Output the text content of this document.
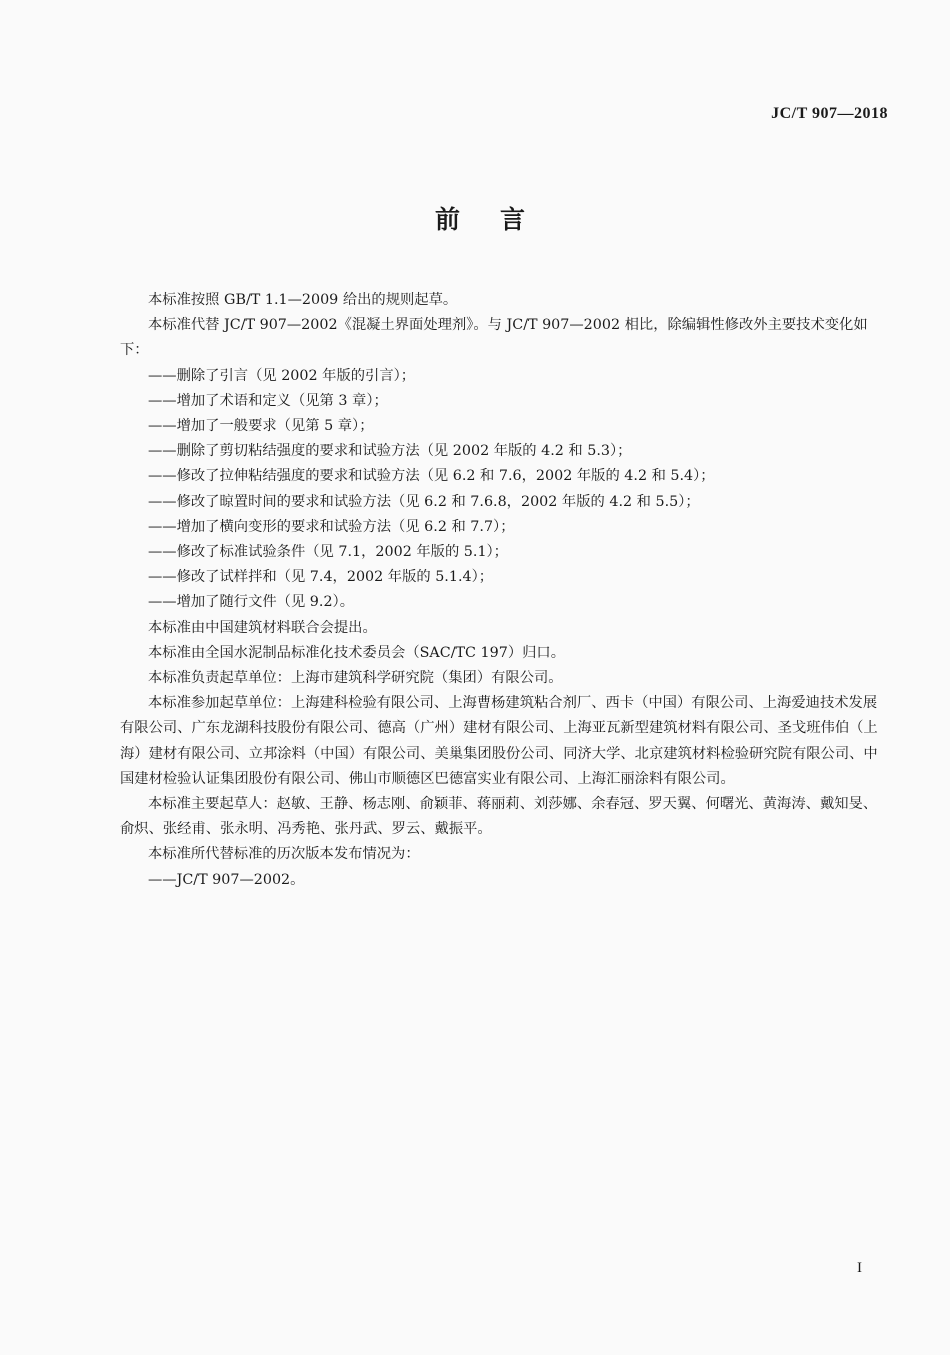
JC/T 907—2018
前言

本标准按照 GB/T 1.1—2009 给出的规则起草。

本标准代替 JC/T 907—2002《混凝土界面处理剂》。与 JC/T 907—2002 相比，除编辑性修改外主要技术变化如下：

——删除了引言（见 2002 年版的引言）；

——增加了术语和定义（见第 3 章）；

——增加了一般要求（见第 5 章）；

——删除了剪切粘结强度的要求和试验方法（见 2002 年版的 4.2 和 5.3）；

——修改了拉伸粘结强度的要求和试验方法（见 6.2 和 7.6，2002 年版的 4.2 和 5.4）；

——修改了晾置时间的要求和试验方法（见 6.2 和 7.6.8，2002 年版的 4.2 和 5.5）；

——增加了横向变形的要求和试验方法（见 6.2 和 7.7）；

——修改了标准试验条件（见 7.1，2002 年版的 5.1）；

——修改了试样拌和（见 7.4，2002 年版的 5.1.4）；

——增加了随行文件（见 9.2）。

本标准由中国建筑材料联合会提出。

本标准由全国水泥制品标准化技术委员会（SAC/TC 197）归口。

本标准负责起草单位：上海市建筑科学研究院（集团）有限公司。

本标准参加起草单位：上海建科检验有限公司、上海曹杨建筑粘合剂厂、西卡（中国）有限公司、上海爱迪技术发展有限公司、广东龙湖科技股份有限公司、德高（广州）建材有限公司、上海亚瓦新型建筑材料有限公司、圣戈班伟伯（上海）建材有限公司、立邦涂料（中国）有限公司、美巢集团股份公司、同济大学、北京建筑材料检验研究院有限公司、中国建材检验认证集团股份有限公司、佛山市顺德区巴德富实业有限公司、上海汇丽涂料有限公司。

本标准主要起草人：赵敏、王静、杨志刚、俞颖菲、蒋丽莉、刘莎娜、余春冠、罗天翼、何曙光、黄海涛、戴知旻、俞炽、张经甫、张永明、冯秀艳、张丹武、罗云、戴振平。

本标准所代替标准的历次版本发布情况为：

——JC/T 907—2002。

I
